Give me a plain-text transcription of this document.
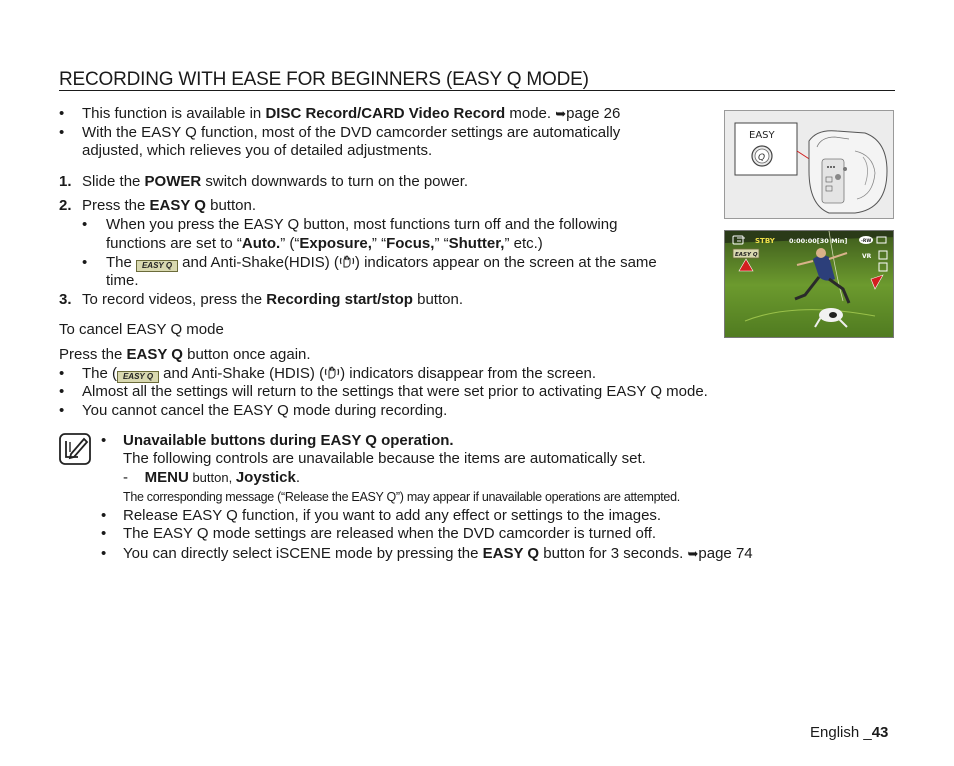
RECORDING WITH EASE FOR BEGINNERS (EASY Q MODE)
• This function is available in DISC Record/CARD Video Record mode. ➥page 26
• With the EASY Q function, most of the DVD camcorder settings are automatically
adjusted, which relieves you of detailed adjustments.
1. Slide the POWER switch downwards to turn on the power.
2. Press the EASY Q button.
• When you press the EASY Q button, most functions turn off and the following
functions are set to “Auto.” (“Exposure,” “Focus,” “Shutter,” etc.)
• The EASY Q and Anti-Shake(HDIS) ( ) indicators appear on the screen at the same
time.
3. To record videos, press the Recording start/stop button.
To cancel EASY Q mode
Press the EASY Q button once again.
• The ( EASY Q and Anti-Shake (HDIS) ( ) indicators disappear from the screen.
• Almost all the settings will return to the settings that were set prior to activating EASY Q mode.
• You cannot cancel the EASY Q mode during recording.
• Unavailable buttons during EASY Q operation.
The following controls are unavailable because the items are automatically set.
- MENU button, Joystick.
The corresponding message (“Release the EASY Q”) may appear if unavailable operations are attempted.
• Release EASY Q function, if you want to add any effect or settings to the images.
• The EASY Q mode settings are released when the DVD camcorder is turned off.
• You can directly select iSCENE mode by pressing the EASY Q button for 3 seconds. ➥page 74
EASY
Q
STBY 0:00:00[30 Min]	-RW
EASY Q	VR
English _43
